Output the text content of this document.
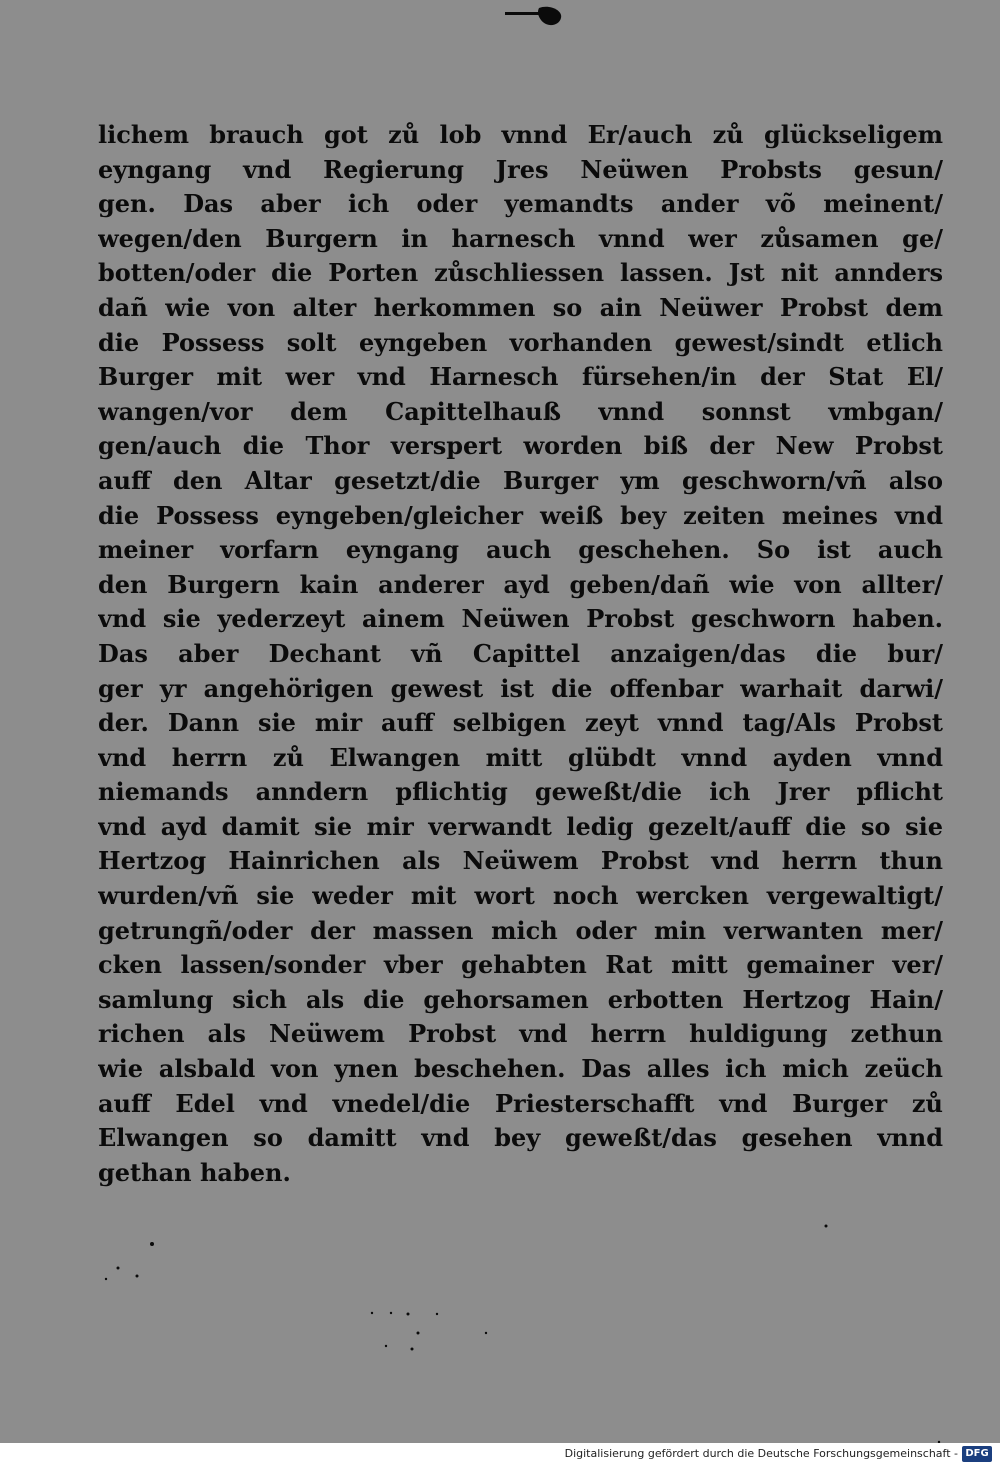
lichem brauch got zů lob vnnd Er/auch zů glückseligem
eyngang vnd Regierung Jres Neüwen Probsts gesun/
gen. Das aber ich oder yemandts ander võ meinent/
wegen/den Burgern in harnesch vnnd wer zůsamen ge/
botten/oder die Porten zůschliessen lassen. Jst nit annders
dañ wie von alter herkommen so ain Neüwer Probst dem
die Possess solt eyngeben vorhanden gewest/sindt etlich
Burger mit wer vnd Harnesch fürsehen/in der Stat El/
wangen/vor dem Capittelhauß vnnd sonnst vmbgan/
gen/auch die Thor verspert worden biß der New Probst
auff den Altar gesetzt/die Burger ym geschworn/vñ also
die Possess eyngeben/gleicher weiß bey zeiten meines vnd
meiner vorfarn eyngang auch geschehen. So ist auch
den Burgern kain anderer ayd geben/dañ wie von allter/
vnd sie yederzeyt ainem Neüwen Probst geschworn haben.
Das aber Dechant vñ Capittel anzaigen/das die bur/
ger yr angehörigen gewest ist die offenbar warhait darwi/
der. Dann sie mir auff selbigen zeyt vnnd tag/Als Probst
vnd herrn zů Elwangen mitt glübdt vnnd ayden vnnd
niemands anndern pflichtig geweßt/die ich Jrer pflicht
vnd ayd damit sie mir verwandt ledig gezelt/auff die so sie
Hertzog Hainrichen als Neüwem Probst vnd herrn thun
wurden/vñ sie weder mit wort noch wercken vergewaltigt/
getrungñ/oder der massen mich oder min verwanten mer/
cken lassen/sonder vber gehabten Rat mitt gemainer ver/
samlung sich als die gehorsamen erbotten Hertzog Hain/
richen als Neüwem Probst vnd herrn huldigung zethun
wie alsbald von ynen beschehen. Das alles ich mich zeüch
auff Edel vnd vnedel/die Priesterschafft vnd Burger zů
Elwangen so damitt vnd bey geweßt/das gesehen vnnd
gethan haben.
Digitalisierung gefördert durch die Deutsche Forschungsgemeinschaft - DFG
